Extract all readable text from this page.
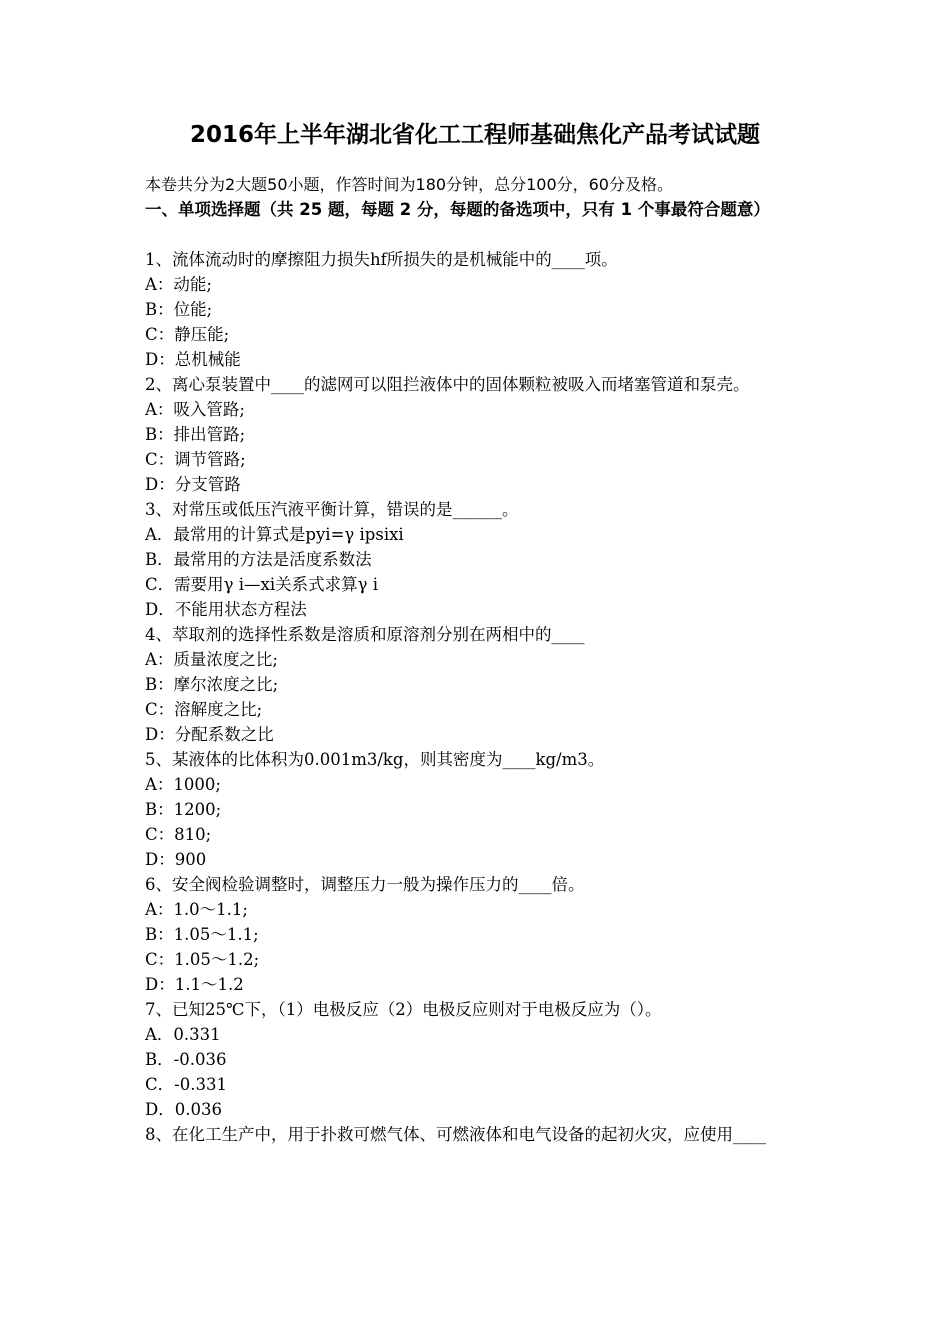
2016年上半年湖北省化工工程师基础焦化产品考试试题
本卷共分为2大题50小题，作答时间为180分钟，总分100分，60分及格。
一、单项选择题（共 25 题，每题 2 分，每题的备选项中，只有 1 个事最符合题意）
1、流体流动时的摩擦阻力损失hf所损失的是机械能中的____项。
A：动能;
B：位能;
C：静压能;
D：总机械能
2、离心泵装置中____的滤网可以阻拦液体中的固体颗粒被吸入而堵塞管道和泵壳。
A：吸入管路;
B：排出管路;
C：调节管路;
D：分支管路
3、对常压或低压汽液平衡计算，错误的是______。
A．最常用的计算式是pyi=γ ipsixi
B．最常用的方法是活度系数法
C．需要用γ i—xi关系式求算γ i
D．不能用状态方程法
4、萃取剂的选择性系数是溶质和原溶剂分别在两相中的____
A：质量浓度之比;
B：摩尔浓度之比;
C：溶解度之比;
D：分配系数之比
5、某液体的比体积为0.001m3/kg，则其密度为____kg/m3。
A：1000;
B：1200;
C：810;
D：900
6、安全阀检验调整时，调整压力一般为操作压力的____倍。
A：1.0～1.1;
B：1.05～1.1;
C：1.05～1.2;
D：1.1～1.2
7、已知25℃下，（1）电极反应（2）电极反应则对于电极反应为（）。
A．0.331
B．-0.036
C．-0.331
D．0.036
8、在化工生产中，用于扑救可燃气体、可燃液体和电气设备的起初火灾，应使用____
